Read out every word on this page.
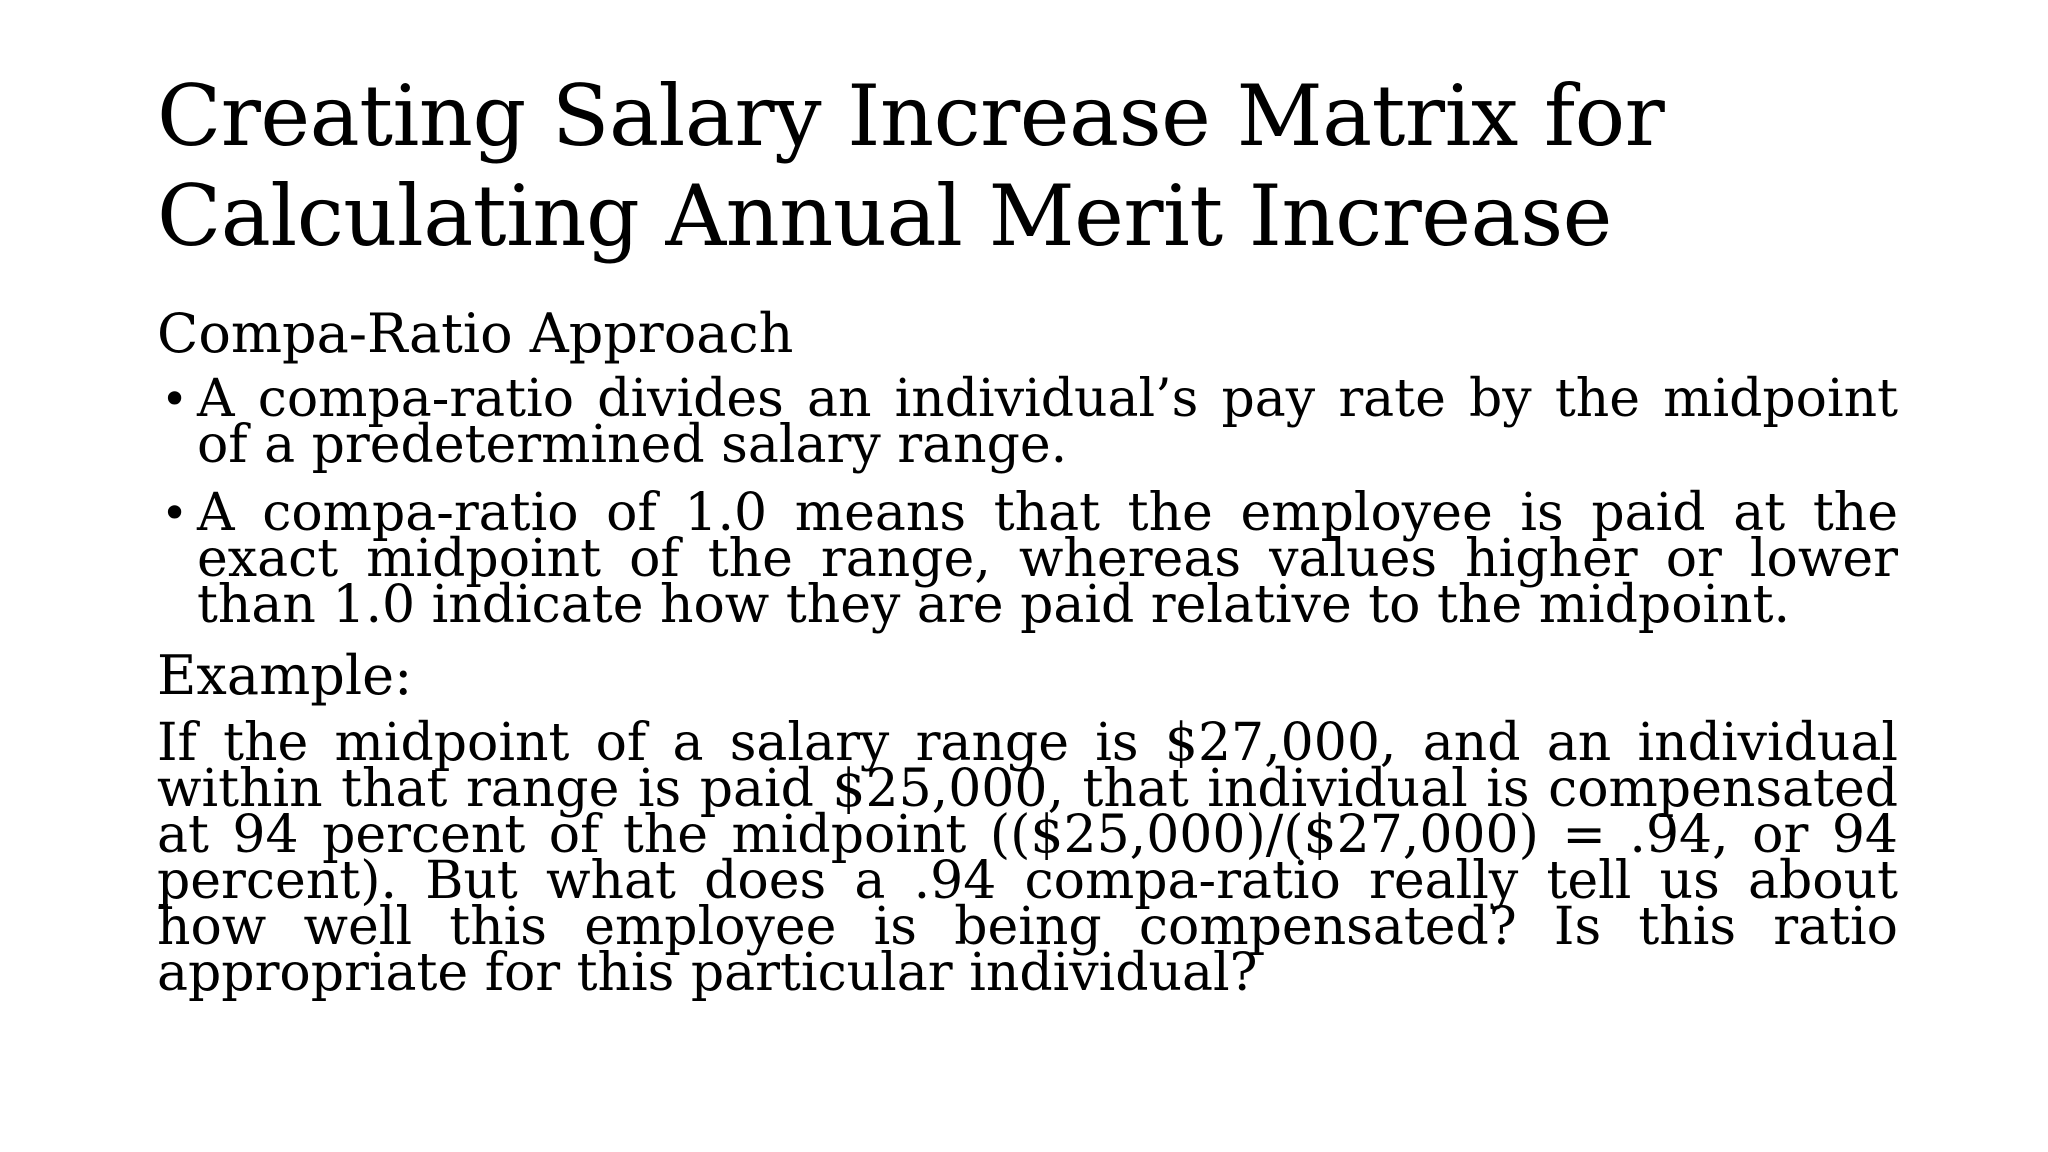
Creating Salary Increase Matrix for Calculating Annual Merit Increase

Compa-Ratio Approach

• A compa-ratio divides an individual’s pay rate by the midpoint of a predetermined salary range.
• A compa-ratio of 1.0 means that the employee is paid at the exact midpoint of the range, whereas values higher or lower than 1.0 indicate how they are paid relative to the midpoint.

Example:

If the midpoint of a salary range is $27,000, and an individual within that range is paid $25,000, that individual is compensated at 94 percent of the midpoint (($25,000)/($27,000) = .94, or 94 percent). But what does a .94 compa-ratio really tell us about how well this employee is being compensated? Is this ratio appropriate for this particular individual?
